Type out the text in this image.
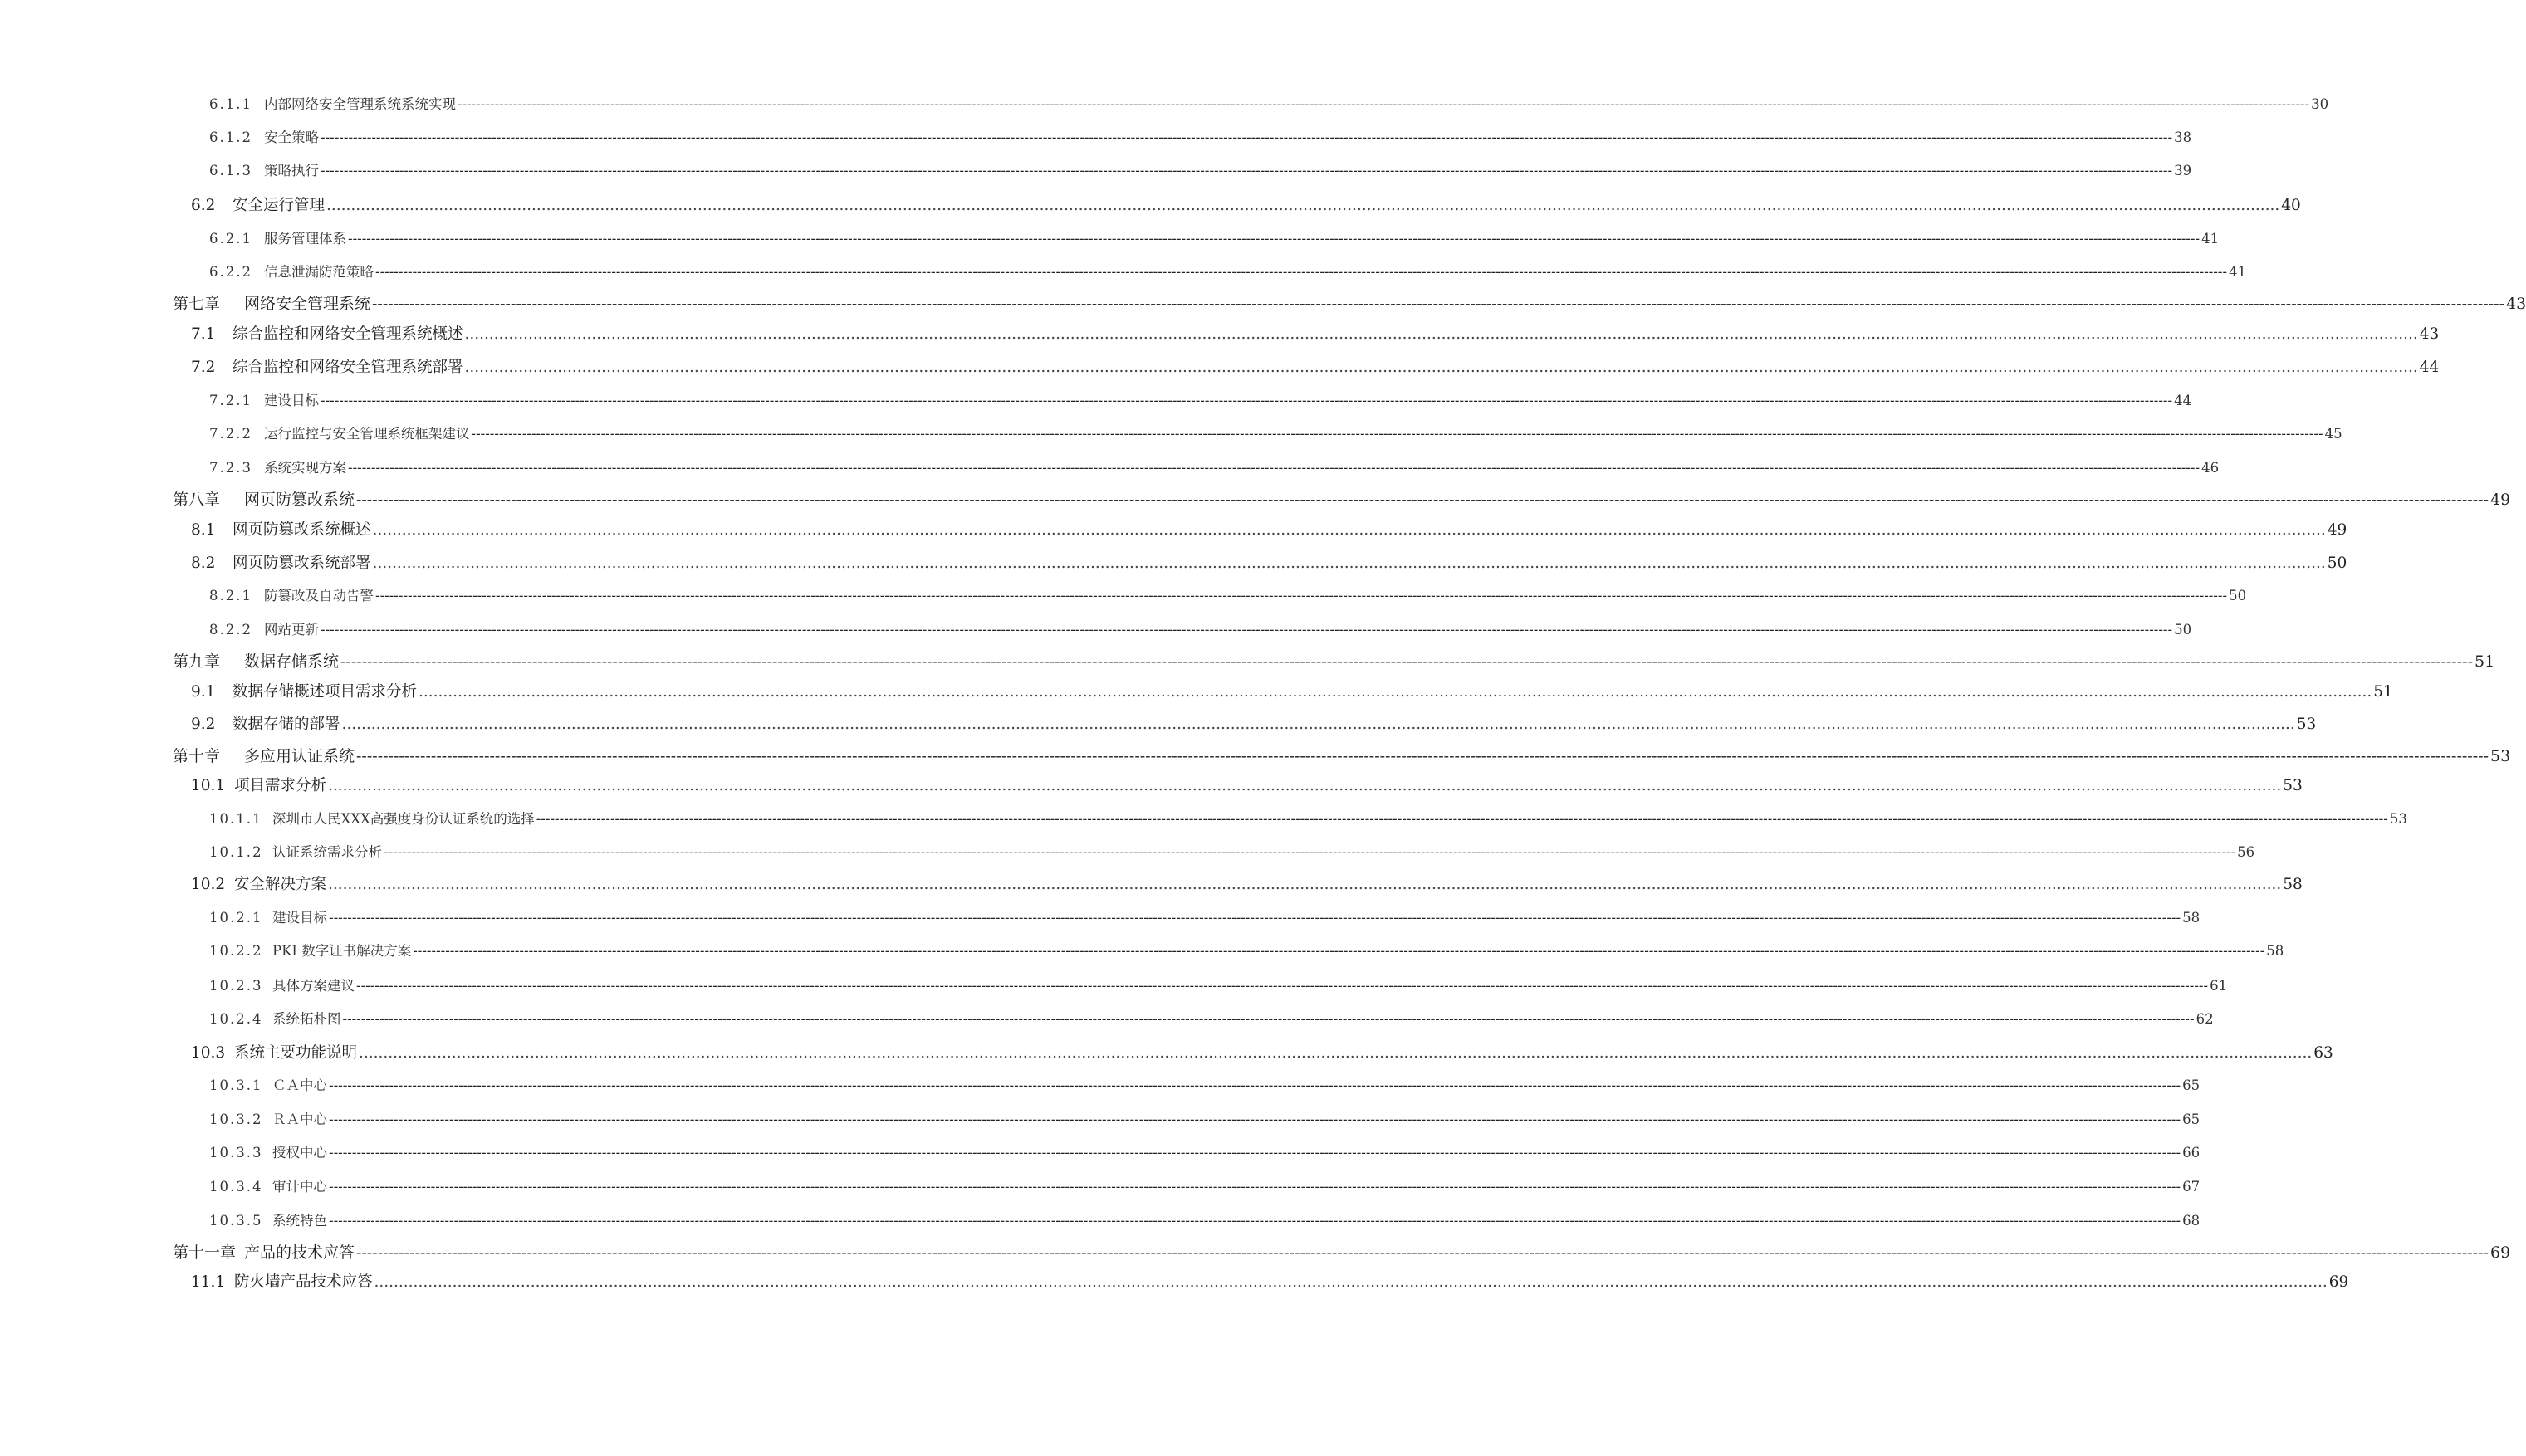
6.1.1 内部网络安全管理系统系统实现 ---------------------------------------------------------------------------------------------------------------------------------------------------------------------------------------------------------------------------------------------------------------------------------------------------------------------------------------------------------------------------------------------------------------- 30
6.1.2 安全策略 ---------------------------------------------------------------------------------------------------------------------------------------------------------------------------------------------------------------------------------------------------------------------------------------------------------------------------------------------------------------------------------------------------------------- 38
6.1.3 策略执行 ---------------------------------------------------------------------------------------------------------------------------------------------------------------------------------------------------------------------------------------------------------------------------------------------------------------------------------------------------------------------------------------------------------------- 39
6.2	安全运行管理 ................................................................................................................................................................................................................................................................................................................................................................................................................ 40
6.2.1 服务管理体系 ---------------------------------------------------------------------------------------------------------------------------------------------------------------------------------------------------------------------------------------------------------------------------------------------------------------------------------------------------------------------------------------------------------------- 41
6.2.2 信息泄漏防范策略 ---------------------------------------------------------------------------------------------------------------------------------------------------------------------------------------------------------------------------------------------------------------------------------------------------------------------------------------------------------------------------------------------------------------- 41
第七章	网络安全管理系统 ---------------------------------------------------------------------------------------------------------------------------------------------------------------------------------------------------------------------------------------------------------------------------------------------------------------------------------------------------------------------------------------------------------------- 43
7.1	综合监控和网络安全管理系统概述 ................................................................................................................................................................................................................................................................................................................................................................................................................ 43
7.2	综合监控和网络安全管理系统部署 ................................................................................................................................................................................................................................................................................................................................................................................................................ 44
7.2.1 建设目标 ---------------------------------------------------------------------------------------------------------------------------------------------------------------------------------------------------------------------------------------------------------------------------------------------------------------------------------------------------------------------------------------------------------------- 44
7.2.2 运行监控与安全管理系统框架建议 ---------------------------------------------------------------------------------------------------------------------------------------------------------------------------------------------------------------------------------------------------------------------------------------------------------------------------------------------------------------------------------------------------------------- 45
7.2.3 系统实现方案 ---------------------------------------------------------------------------------------------------------------------------------------------------------------------------------------------------------------------------------------------------------------------------------------------------------------------------------------------------------------------------------------------------------------- 46
第八章	网页防篡改系统 ---------------------------------------------------------------------------------------------------------------------------------------------------------------------------------------------------------------------------------------------------------------------------------------------------------------------------------------------------------------------------------------------------------------- 49
8.1	网页防篡改系统概述 ................................................................................................................................................................................................................................................................................................................................................................................................................ 49
8.2	网页防篡改系统部署 ................................................................................................................................................................................................................................................................................................................................................................................................................ 50
8.2.1 防篡改及自动告警 ---------------------------------------------------------------------------------------------------------------------------------------------------------------------------------------------------------------------------------------------------------------------------------------------------------------------------------------------------------------------------------------------------------------- 50
8.2.2 网站更新 ---------------------------------------------------------------------------------------------------------------------------------------------------------------------------------------------------------------------------------------------------------------------------------------------------------------------------------------------------------------------------------------------------------------- 50
第九章	数据存储系统 ---------------------------------------------------------------------------------------------------------------------------------------------------------------------------------------------------------------------------------------------------------------------------------------------------------------------------------------------------------------------------------------------------------------- 51
9.1	数据存储概述项目需求分析 ................................................................................................................................................................................................................................................................................................................................................................................................................ 51
9.2	数据存储的部署 ................................................................................................................................................................................................................................................................................................................................................................................................................ 53
第十章	多应用认证系统 ---------------------------------------------------------------------------------------------------------------------------------------------------------------------------------------------------------------------------------------------------------------------------------------------------------------------------------------------------------------------------------------------------------------- 53
10.1 项目需求分析 ................................................................................................................................................................................................................................................................................................................................................................................................................ 53
10.1.1 深圳市人民XXX高强度身份认证系统的选择 ---------------------------------------------------------------------------------------------------------------------------------------------------------------------------------------------------------------------------------------------------------------------------------------------------------------------------------------------------------------------------------------------------------------- 53
10.1.2 认证系统需求分析 ---------------------------------------------------------------------------------------------------------------------------------------------------------------------------------------------------------------------------------------------------------------------------------------------------------------------------------------------------------------------------------------------------------------- 56
10.2 安全解决方案 ................................................................................................................................................................................................................................................................................................................................................................................................................ 58
10.2.1 建设目标 ---------------------------------------------------------------------------------------------------------------------------------------------------------------------------------------------------------------------------------------------------------------------------------------------------------------------------------------------------------------------------------------------------------------- 58
10.2.2 PKI 数字证书解决方案 ---------------------------------------------------------------------------------------------------------------------------------------------------------------------------------------------------------------------------------------------------------------------------------------------------------------------------------------------------------------------------------------------------------------- 58
10.2.3 具体方案建议 ---------------------------------------------------------------------------------------------------------------------------------------------------------------------------------------------------------------------------------------------------------------------------------------------------------------------------------------------------------------------------------------------------------------- 61
10.2.4 系统拓朴图 ---------------------------------------------------------------------------------------------------------------------------------------------------------------------------------------------------------------------------------------------------------------------------------------------------------------------------------------------------------------------------------------------------------------- 62
10.3 系统主要功能说明 ................................................................................................................................................................................................................................................................................................................................................................................................................ 63
10.3.1 ＣＡ中心 ---------------------------------------------------------------------------------------------------------------------------------------------------------------------------------------------------------------------------------------------------------------------------------------------------------------------------------------------------------------------------------------------------------------- 65
10.3.2 ＲＡ中心 ---------------------------------------------------------------------------------------------------------------------------------------------------------------------------------------------------------------------------------------------------------------------------------------------------------------------------------------------------------------------------------------------------------------- 65
10.3.3 授权中心 ---------------------------------------------------------------------------------------------------------------------------------------------------------------------------------------------------------------------------------------------------------------------------------------------------------------------------------------------------------------------------------------------------------------- 66
10.3.4 审计中心 ---------------------------------------------------------------------------------------------------------------------------------------------------------------------------------------------------------------------------------------------------------------------------------------------------------------------------------------------------------------------------------------------------------------- 67
10.3.5 系统特色 ---------------------------------------------------------------------------------------------------------------------------------------------------------------------------------------------------------------------------------------------------------------------------------------------------------------------------------------------------------------------------------------------------------------- 68
第十一章 产品的技术应答 ---------------------------------------------------------------------------------------------------------------------------------------------------------------------------------------------------------------------------------------------------------------------------------------------------------------------------------------------------------------------------------------------------------------- 69
11.1 防火墙产品技术应答 ................................................................................................................................................................................................................................................................................................................................................................................................................ 69
